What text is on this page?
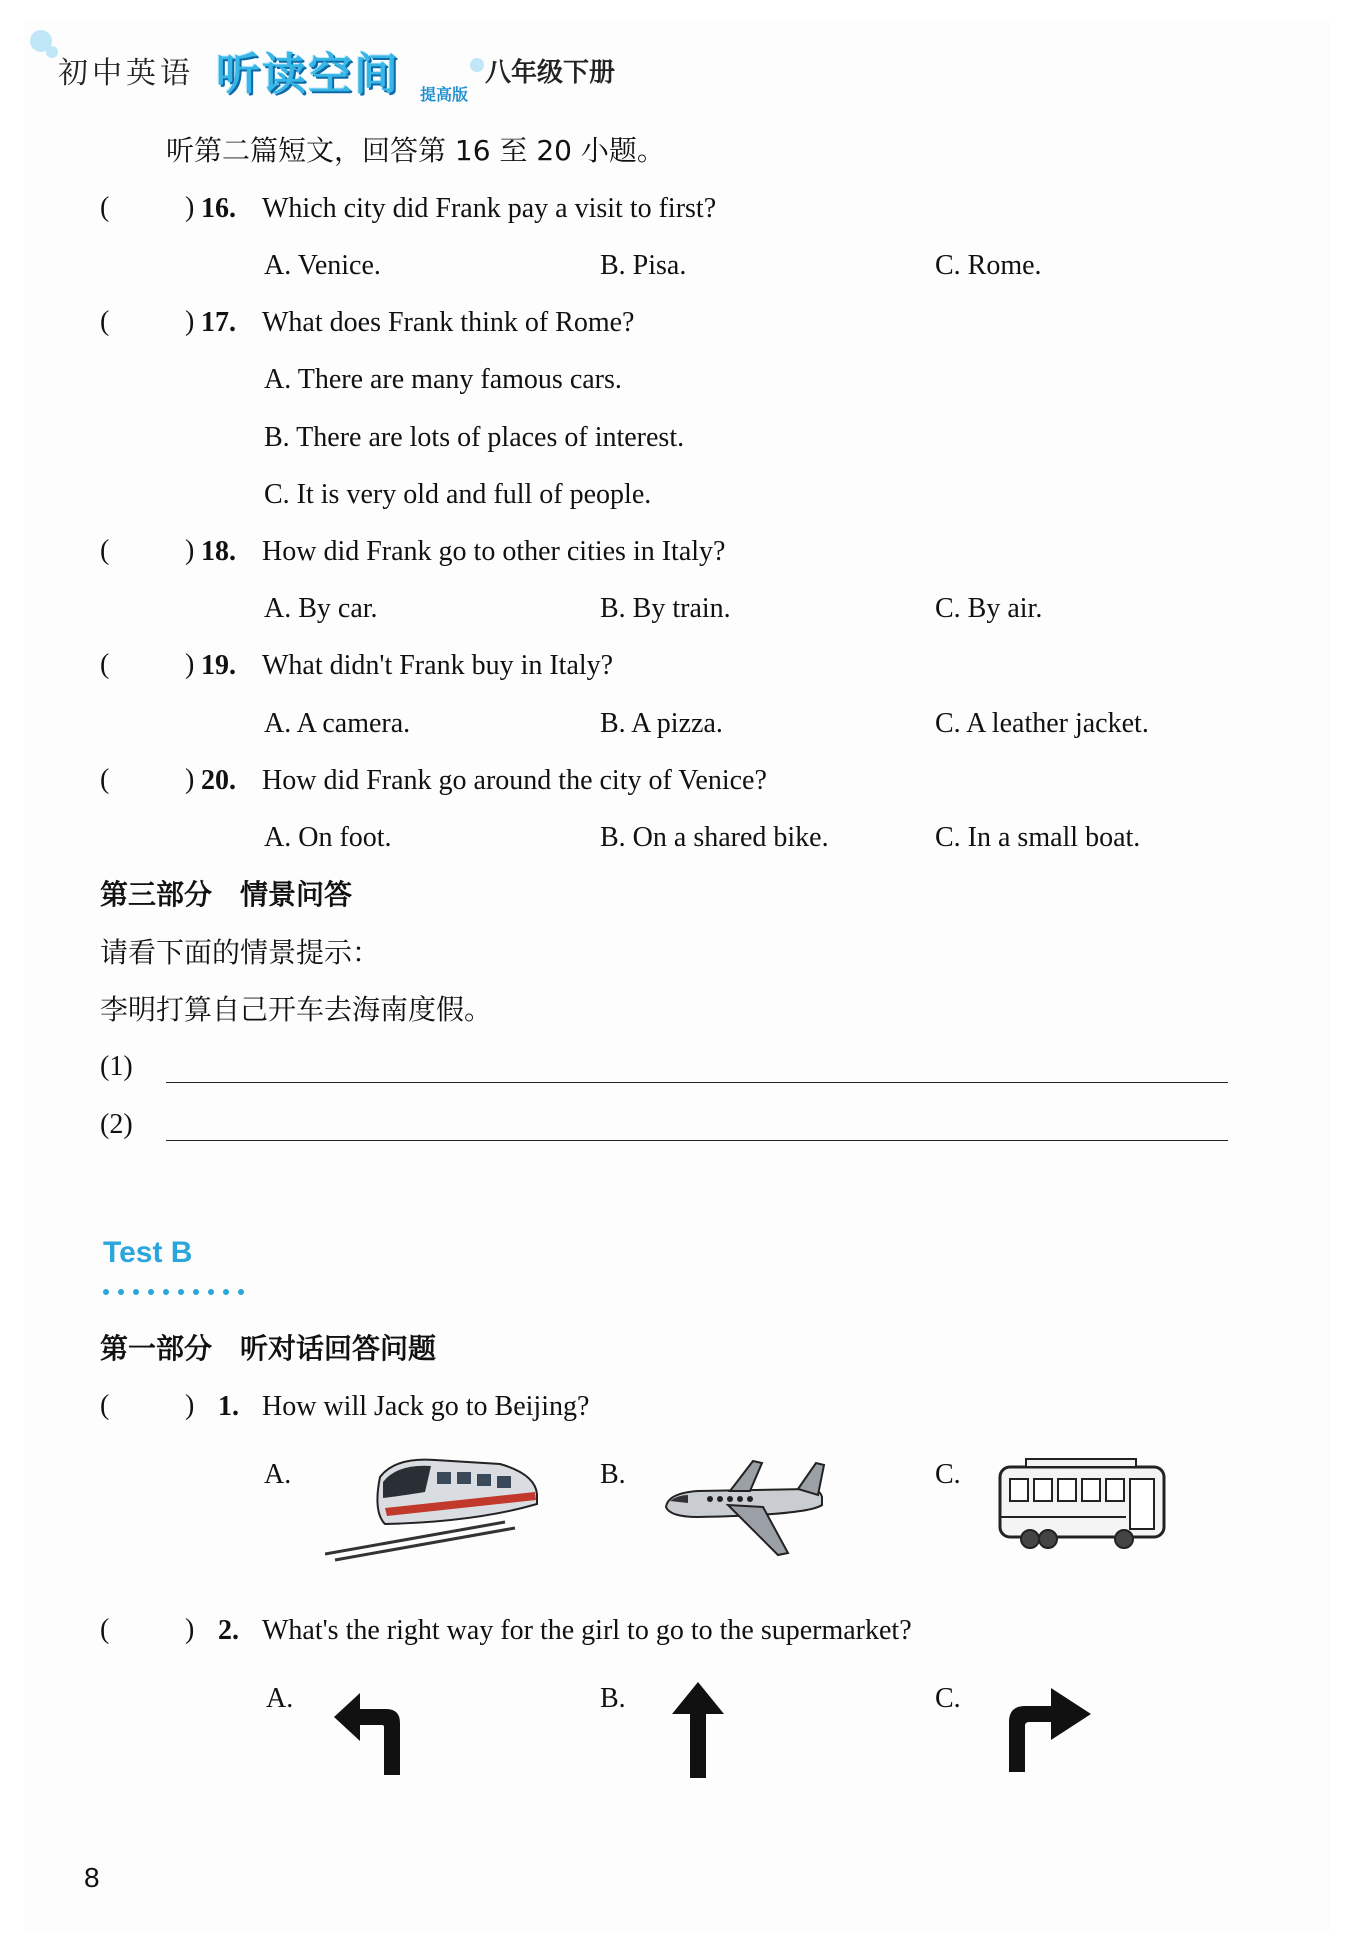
初中英语 听读空间 提高版
八年级下册
听第二篇短文，回答第 16 至 20 小题。
(	) 16. Which city did Frank pay a visit to first?
A. Venice.	B. Pisa.	C. Rome.
(	) 17. What does Frank think of Rome?
A. There are many famous cars.
B. There are lots of places of interest.
C. It is very old and full of people.
(	) 18. How did Frank go to other cities in Italy?
A. By car.	B. By train.	C. By air.
(	) 19. What didn't Frank buy in Italy?
A. A camera.	B. A pizza.	C. A leather jacket.
(	) 20. How did Frank go around the city of Venice?
A. On foot.	B. On a shared bike.	C. In a small boat.
第三部分　情景问答
请看下面的情景提示：
李明打算自己开车去海南度假。
(1)
(2)
Test B
第一部分　听对话回答问题
(	) 1. How will Jack go to Beijing?
A.	B.	C.
(	) 2. What's the right way for the girl to go to the supermarket?
A.	B.	C.
8
